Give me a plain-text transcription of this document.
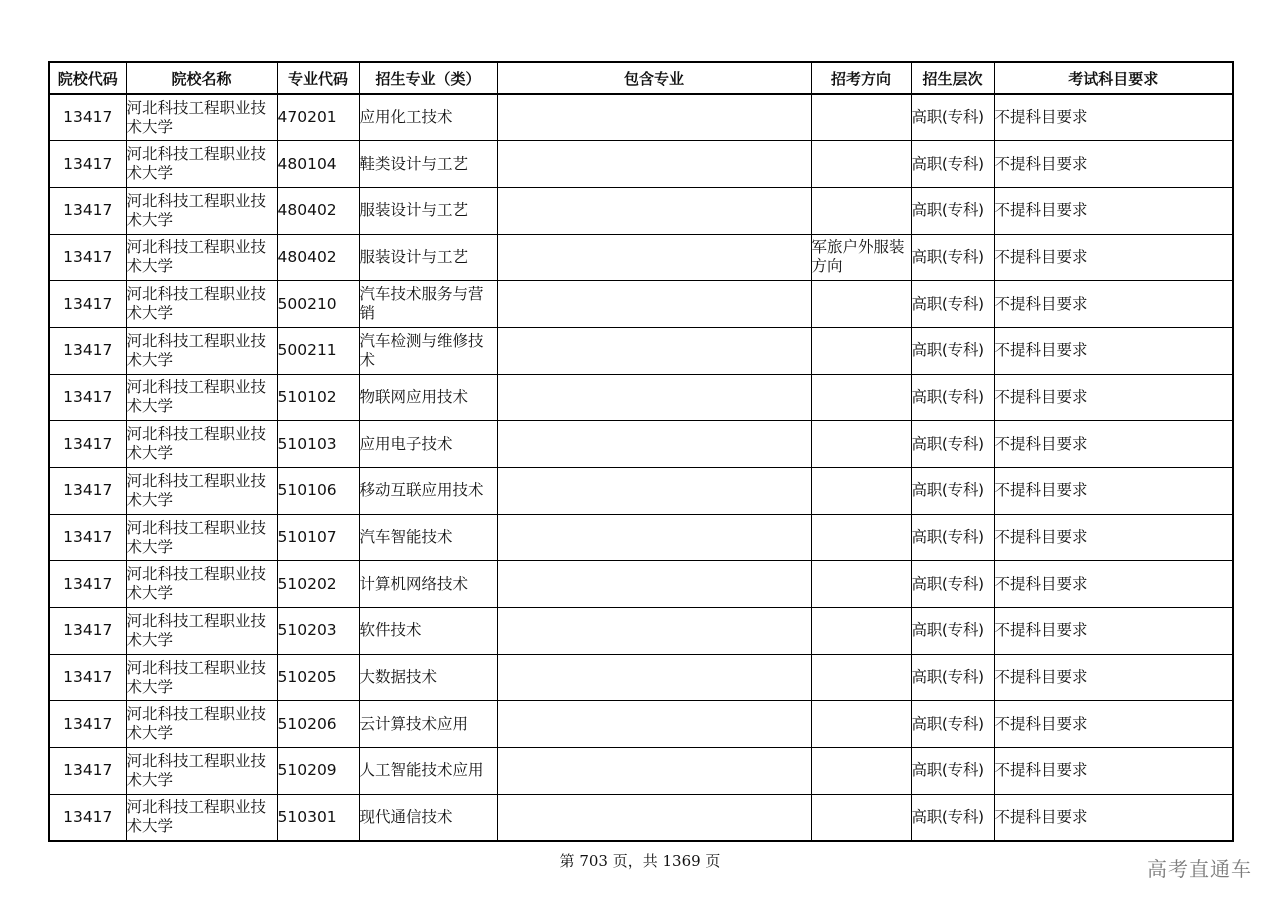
院校代码	院校名称	专业代码	招生专业（类）	包含专业	招考方向	招生层次	考试科目要求
13417	河北科技工程职业技术大学	470201	应用化工技术			高职(专科)	不提科目要求
13417	河北科技工程职业技术大学	480104	鞋类设计与工艺			高职(专科)	不提科目要求
13417	河北科技工程职业技术大学	480402	服装设计与工艺			高职(专科)	不提科目要求
13417	河北科技工程职业技术大学	480402	服装设计与工艺		军旅户外服装方向	高职(专科)	不提科目要求
13417	河北科技工程职业技术大学	500210	汽车技术服务与营销			高职(专科)	不提科目要求
13417	河北科技工程职业技术大学	500211	汽车检测与维修技术			高职(专科)	不提科目要求
13417	河北科技工程职业技术大学	510102	物联网应用技术			高职(专科)	不提科目要求
13417	河北科技工程职业技术大学	510103	应用电子技术			高职(专科)	不提科目要求
13417	河北科技工程职业技术大学	510106	移动互联应用技术			高职(专科)	不提科目要求
13417	河北科技工程职业技术大学	510107	汽车智能技术			高职(专科)	不提科目要求
13417	河北科技工程职业技术大学	510202	计算机网络技术			高职(专科)	不提科目要求
13417	河北科技工程职业技术大学	510203	软件技术			高职(专科)	不提科目要求
13417	河北科技工程职业技术大学	510205	大数据技术			高职(专科)	不提科目要求
13417	河北科技工程职业技术大学	510206	云计算技术应用			高职(专科)	不提科目要求
13417	河北科技工程职业技术大学	510209	人工智能技术应用			高职(专科)	不提科目要求
13417	河北科技工程职业技术大学	510301	现代通信技术			高职(专科)	不提科目要求
第 703 页，共 1369 页	高考直通车
